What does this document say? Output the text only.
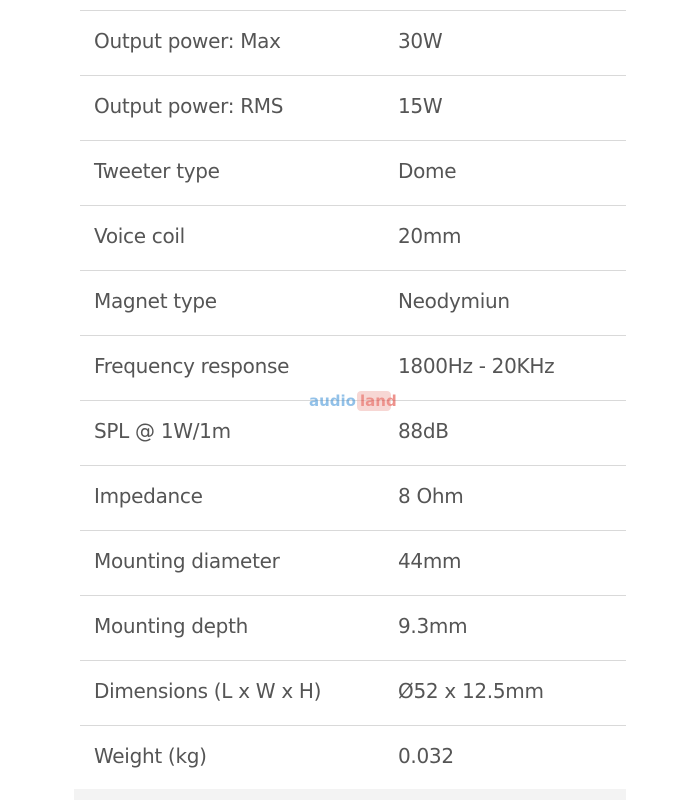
Output power: Max	30W
Output power: RMS	15W
Tweeter type	Dome
Voice coil	20mm
Magnet type	Neodymiun
Frequency response	1800Hz - 20KHz
SPL @ 1W/1m	88dB
Impedance	8 Ohm
Mounting diameter	44mm
Mounting depth	9.3mm
Dimensions (L x W x H)	Ø52 x 12.5mm
Weight (kg)	0.032
audio land
